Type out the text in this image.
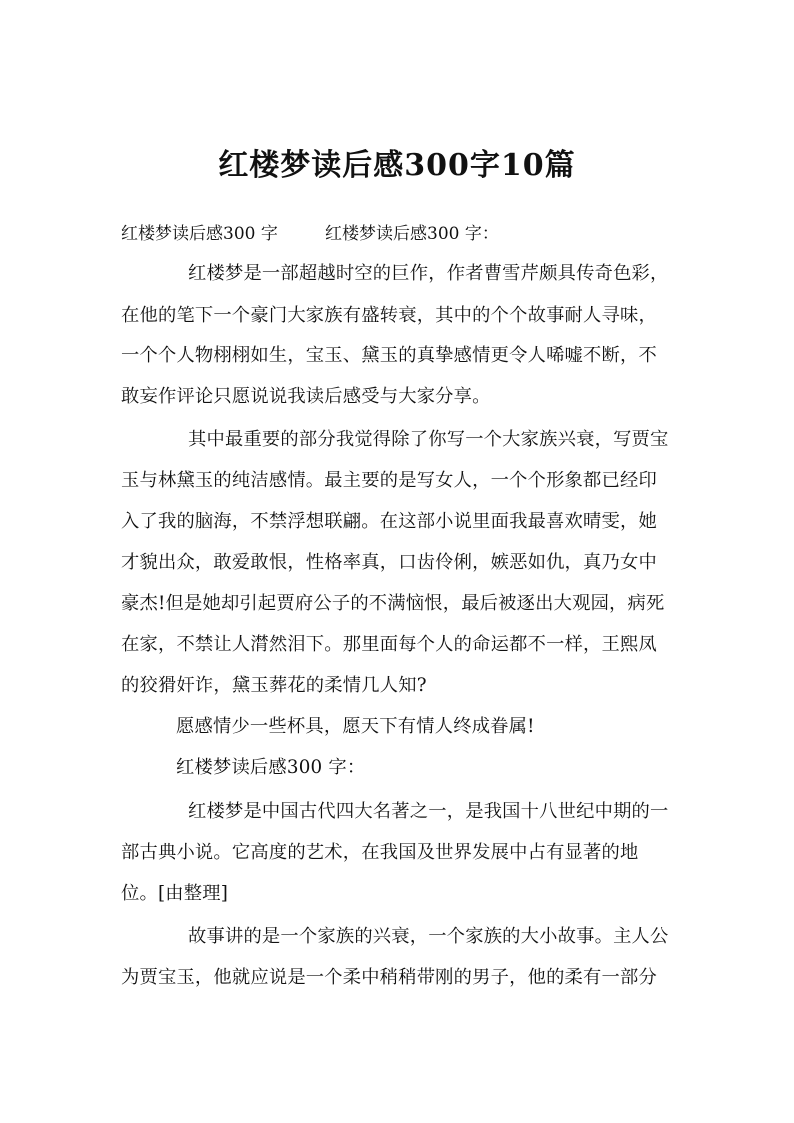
红楼梦读后感300字10篇
红楼梦读后感300 字	红楼梦读后感300 字：
红楼梦是一部超越时空的巨作，作者曹雪芹颇具传奇色彩，
在他的笔下一个豪门大家族有盛转衰，其中的个个故事耐人寻味，
一个个人物栩栩如生，宝玉、黛玉的真挚感情更令人唏嘘不断，不
敢妄作评论只愿说说我读后感受与大家分享。
其中最重要的部分我觉得除了你写一个大家族兴衰，写贾宝
玉与林黛玉的纯洁感情。最主要的是写女人，一个个形象都已经印
入了我的脑海，不禁浮想联翩。在这部小说里面我最喜欢晴雯，她
才貌出众，敢爱敢恨，性格率真，口齿伶俐，嫉恶如仇，真乃女中
豪杰!但是她却引起贾府公子的不满恼恨，最后被逐出大观园，病死
在家，不禁让人潸然泪下。那里面每个人的命运都不一样，王熙凤
的狡猾奸诈，黛玉葬花的柔情几人知?
愿感情少一些杯具，愿天下有情人终成眷属!
红楼梦读后感300 字：
红楼梦是中国古代四大名著之一，是我国十八世纪中期的一
部古典小说。它高度的艺术，在我国及世界发展中占有显著的地
位。[由整理]
故事讲的是一个家族的兴衰，一个家族的大小故事。主人公
为贾宝玉，他就应说是一个柔中稍稍带刚的男子，他的柔有一部分
